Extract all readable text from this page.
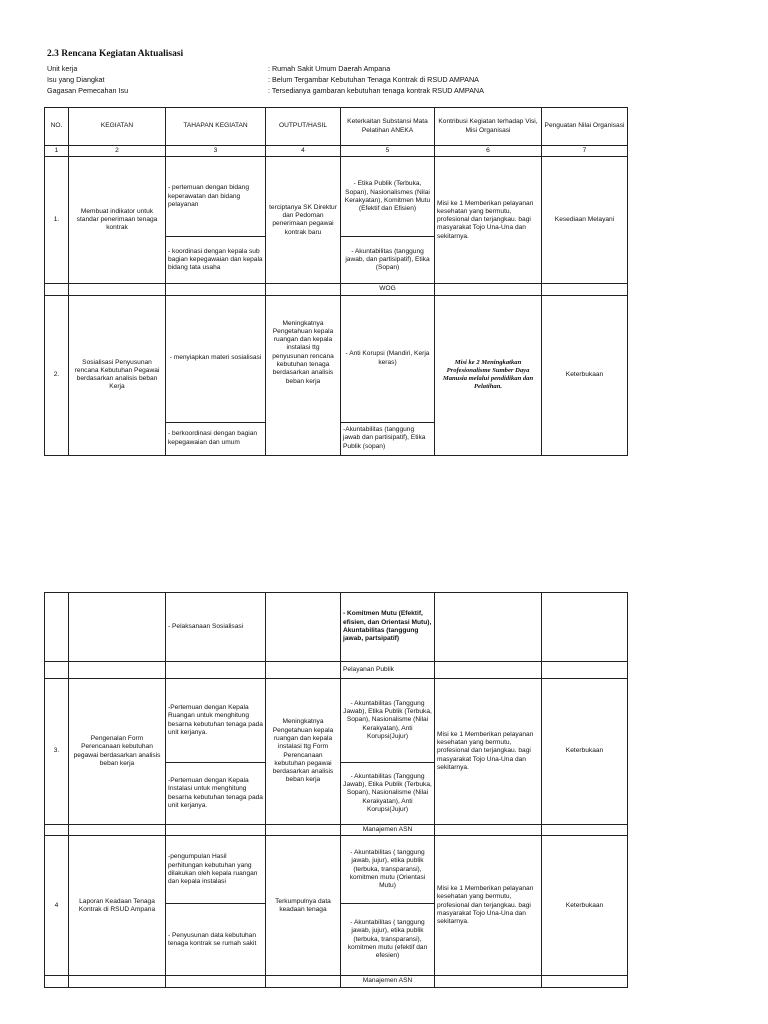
2.3 Rencana Kegiatan Aktualisasi
Unit kerja	: Rumah Sakit Umum Daerah Ampana
Isu yang Diangkat	: Belum Tergambar Kebutuhan Tenaga Kontrak di RSUD AMPANA
Gagasan Pemecahan Isu	: Tersedianya gambaran kebutuhan tenaga kontrak RSUD AMPANA
NO.	KEGIATAN	TAHAPAN KEGIATAN	OUTPUT/HASIL	Keterkaitan Substansi Mata Pelatihan ANEKA	Kontribusi Kegiatan terhadap Visi, Misi Organisasi	Penguatan Nilai Organisasi
1	2	3	4	5	6	7
1.	Membuat indikator untuk standar penerimaan tenaga kontrak	- pertemuan dengan bidang keperawatan dan bidang pelayanan	terciptanya SK Direktur dan Pedoman penerimaan pegawai kontrak baru	- Etika Publik (Terbuka, Sopan), Nasionalismes (Nilai Kerakyatan), Komitmen Mutu (Efektif dan Efisien)	Misi ke 1 Memberikan pelayanan kesehatan yang bermutu, profesional dan terjangkau. bagi masyarakat Tojo Una-Una dan sekitarnya.	Kesediaan Melayani
		- koordinasi dengan kepala sub bagian kepegawaian dan kepala bidang tata usaha		- Akuntabilitas (tanggung jawab, dan partisipatif), Etika (Sopan)		
				WOG		
2.	Sosialisasi Penyusunan rencana Kebutuhan Pegawai berdasarkan analisis beban Kerja	- menyiapkan materi sosialisasi	Meningkatnya Pengetahuan kepala ruangan dan kepala instalasi ttg penyusunan rencana kebutuhan tenaga berdasarkan analisis beban kerja	- Anti Korupsi (Mandiri, Kerja keras)	Misi ke 2 Meningkatkan Profesionalisme Sumber Daya Manusia melalui pendidikan dan Pelatihan.	Keterbukaan
		- berkoordinasi dengan bagian kepegawaian dan umum		-Akuntabilitas (tanggung jawab dan partisipatif), Etika Publik (sopan)		
		- Pelaksanaan Sosialisasi		- Komitmen Mutu (Efektif, efisien, dan Orientasi Mutu), Akuntabilitas (tanggung jawab, partsipatif)		
				Pelayanan Publik		
3.	Pengenalan Form Perencanaan kebutuhan pegawai berdasarkan analisis beban kerja	-Pertemuan dengan Kepala Ruangan untuk menghitung besarna kebutuhan tenaga pada unit kerjanya.	Meningkatnya Pengetahuan kepala ruangan dan kepala instalasi ttg Form Perencanaan kebutuhan pegawai berdasarkan analisis beban kerja	- Akuntabilitas (Tanggung Jawab), Etika Publik (Terbuka, Sopan), Nasionalisme (Nilai Kerakyatan), Anti Korupsi(Jujur)	Misi ke 1 Memberikan pelayanan kesehatan yang bermutu, profesional dan terjangkau. bagi masyarakat Tojo Una-Una dan sekitarnya.	Keterbukaan
		-Pertemuan dengan Kepala Instalasi untuk menghitung besarna kebutuhan tenaga pada unit kerjanya.		- Akuntabilitas (Tanggung Jawab), Etika Publik (Terbuka, Sopan), Nasionalisme (Nilai Kerakyatan), Anti Korupsi(Jujur)		
				Manajemen ASN		
4	Laporan Keadaan Tenaga Kontrak di RSUD Ampana	-pengumpulan Hasil perhitungan kebutuhan yang dilakukan oleh kepala ruangan dan kepala instalasi	Terkumpulnya data keadaan tenaga	- Akuntabilitas ( tanggung jawab, jujur), etika publik (terbuka, transparansi), komitmen mutu (Orientasi Mutu)	Misi ke 1 Memberikan pelayanan kesehatan yang bermutu, profesional dan terjangkau. bagi masyarakat Tojo Una-Una dan sekitarnya.	Keterbukaan
		- Penyusunan data kebutuhan tenaga kontrak se rumah sakit		- Akuntabilitas ( tanggung jawab, jujur), etika publik (terbuka, transparansi), komitmen mutu (efektif dan efesien)		
				Manajemen ASN		
